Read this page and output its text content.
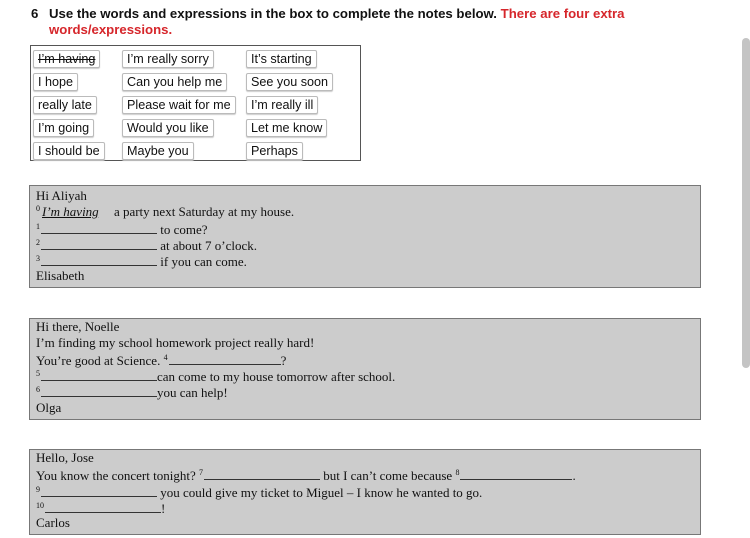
6 Use the words and expressions in the box to complete the notes below. There are four extra words/expressions.
I’m having	I’m really sorry	It’s starting
I hope	Can you help me	See you soon
really late	Please wait for me	I’m really ill
I’m going	Would you like	Let me know
I should be	Maybe you	Perhaps
Hi Aliyah
$^0$ I’m having a party next Saturday at my house.
$^1$	to come?
$^2$	at about 7 o’clock.
$^3$	if you can come.
Elisabeth
Hi there, Noelle
I’m finding my school homework project really hard!
You’re good at Science. $^4$	?
$^5$	can come to my house tomorrow after school.
$^6$	you can help!
Olga
Hello, Jose
You know the concert tonight? $^7$	but I can’t come because $^8$	.
$^9$	you could give my ticket to Miguel – I know he wanted to go.
$^{10}$	!
Carlos
